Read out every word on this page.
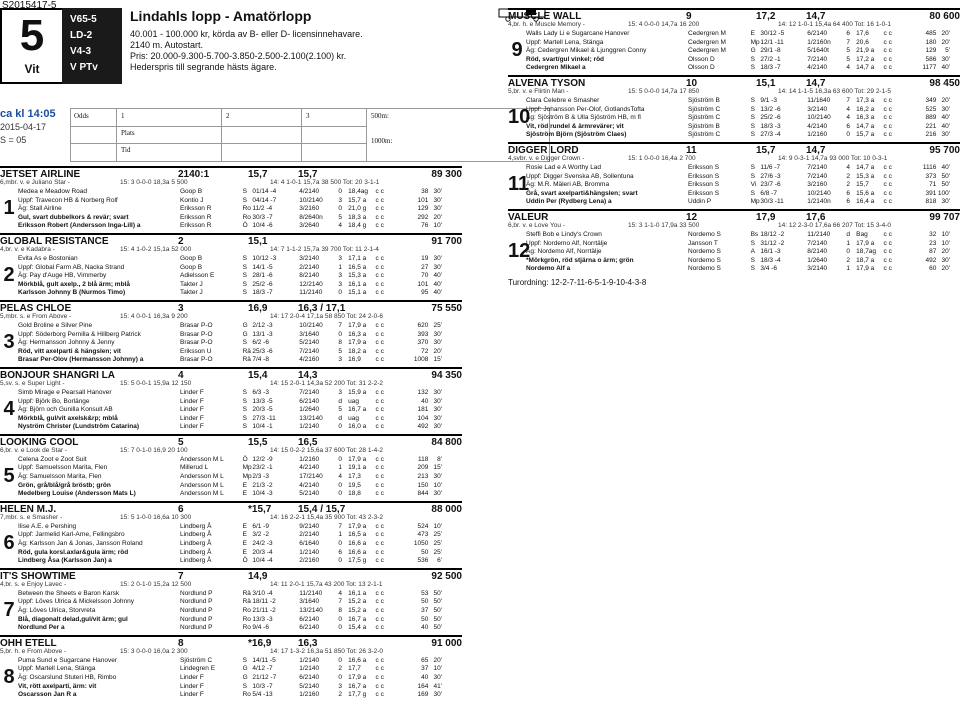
S2015417-5
5
Vit
V65-5
LD-2
V4-3
V PTv
Lindahls lopp - Amatörlopp
40.001 - 100.000 kr, körda av B- eller D- licensinnehavare.
2140 m. Autostart.
Pris: 20.000-9.300-5.700-3.850-2.500-2.100(2.100) kr.
Hederspris till segrande hästs ägare.
ca kl 14:05
2015-04-17
S = 05
Odds	1	2	3
Plats
Tid
500m:
1000m:
JETSET AIRLINE	2140:1	15,7	15,7	89 300
6,mbr. v. e Juliano Star -	15: 3 0-0-0 18,3a 5 500	14: 4 1-0-1 15,7a 38 500 Tot: 20 3-1-1
1
Medea e Meadow Road	Goop B	S 01/14 -4	4/2140	0 18,4ag	c c	38 30'
Uppf: Travecon HB & Norberg Rolf	Kontio J	S 04/14 -7	10/2140	3 15,7 a	c c	101 30'
Äg: Stall Airline	Eriksson R	Ro 11/2 -4	3/2160	0 21,0 g	c c	129 30'
Gul, svart dubbelkors & revär; svart	Eriksson R	Ro 30/3 -7	8/2640n	5 18,3 a	c c	292 20'
Eriksson Robert (Andersson Inga-Lill) a	Eriksson R	Ö 10/4 -6	3/2640	4 18,4 g	c c	76 10'
GLOBAL RESISTANCE	2	15,1	91 700
4,br. v. e Kadabra -	15: 4 1-0-2 15,1a 52 000	14: 7 1-1-2 15,7a 39 700 Tot: 11 2-1-4
2
Evita As e Bostonian	Goop B	S 10/12 -3	3/2140	3 17,1 a	c c	19 30'
Uppf: Global Farm AB, Nacka Strand	Goop B	S 14/1 -5	2/2140	1 16,5 a	c c	27 30'
Äg: Pay d'Auge HB, Vimmerby	Adielsson E	S 28/1 -6	8/2140	3 15,3 a	c c	70 40'
Mörkblå, gult axelp., 2 blå ärm; mblå	Takter J	S 25/2 -6	12/2140	3 16,1 a	c c	101 40'
Karlsson Johnny B (Nurmos Timo)	Takter J	S 18/3 -7	11/2140	0 15,1 a	c c	95 40'
PELAS CHLOE	3	16,9	16,3 / 17,1	75 550
5,mbr. s. e From Above -	15: 4 0-0-1 16,3a 9 200	14: 17 2-0-4 17,1a 58 850 Tot: 24 2-0-6
3
Gold Broline e Silver Pine	Brasar P-O	G 2/12 -3	10/2140	7 17,9 a	c c	620 25'
Uppf: Söderborg Pernilla & Hillberg Patrick	Brasar P-O	G 13/1 -3	3/1640	0 16,3 a	c c	393 30'
Äg: Hermansson Johnny & Jenny	Brasar P-O	S 6/2 -6	5/2140	8 17,9 a	c c	370 30'
Röd, vitt axelparti & hängslen; vit	Eriksson U	Rä 25/3 -6	7/2140	5 18,2 a	c c	72 20'
Brasar Per-Olov (Hermansson Johnny) a	Brasar P-O	Rä 7/4 -8	4/2160	3 16,9	c c	1008 15'
BONJOUR SHANGRI LA	4	15,4	14,3	94 350
5,sv. s. e Super Light -	15: 5 0-0-1 15,9a 12 150	14: 15 2-0-1 14,3a 52 200 Tot: 31 2-2-2
4
Simb Mirage e Pearsall Hanover	Linder F	S 6/3 -3	7/2140	3 15,9 a	c c	132 30'
Uppf: Björk Bo, Borlänge	Linder F	S 13/3 -5	6/2140	d uag	c c	40 30'
Äg: Björn och Gunilla Konsult AB	Linder F	S 20/3 -5	1/2640	5 16,7 a	c c	181 30'
Mörkblå, gul/vit axelsk&rp; mblå	Linder F	S 27/3 -11	13/2140	d uag	c c	104 30'
Nyström Christer (Lundström Catarina)	Linder F	S 10/4 -1	1/2140	0 16,0 a	c c	492 30'
LOOKING COOL	5	15,5	16,5	84 800
6,br. v. e Look de Star -	15: 7 0-1-0 16,9 20 100	14: 15 0-2-2 15,6a 37 600 Tot: 28 1-4-2
5
Celena Zoot e Zoot Suit	Andersson M L	Ö 12/2 -9	1/2160	0 17,9 a	c c	118	8'
Uppf: Samuelsson Marita, Flen	Millerud L	Mp 23/2 -1	4/2140	1 19,1 a	c c	209 15'
Äg: Samuelsson Marita, Flen	Andersson M L	Mp 2/3 -3	17/2140	4 17,3	c c	213 30'
Grön, grå/blå/grå bröstb; grön	Andersson M L	E 21/3 -2	4/2140	0 19,5	c c	150 10'
Medelberg Louise (Andersson Mats L)	Andersson M L	E 10/4 -3	5/2140	0 18,8	c c	844 30'
HELEN M.J.	6	*15,7	15,4 / 15,7	88 000
7,mbr. s. e Smasher -	15: 5 1-0-0 16,6a 10 300	14: 16 2-2-1 15,4a 35 900 Tot: 43 2-3-2
6
Ilise A.E. e Pershing	Lindberg Å	E 6/1 -9	9/2140	7 17,9 a	c c	524 10'
Uppf: Jarmelid Karl-Arne, Fellingsbro	Lindberg Å	E 3/2 -2	2/2140	1 16,5 a	c c	473 25'
Äg: Karlsson Jan & Jonas, Jansson Roland	Lindberg Å	E 24/2 -3	6/1640	0 16,6 a	c c	1050 25'
Röd, gula korsl.axlar&gula ärm; röd	Lindberg Å	E 20/3 -4	1/2140	6 16,6 a	c c	50 25'
Lindberg Åsa (Karlsson Jan) a	Lindberg Å	Ö 10/4 -4	2/2160	0 17,5 g	c c	536	6'
IT'S SHOWTIME	7	14,9	92 500
4,br. s. e Enjoy Lavec -	15: 2 0-1-0 15,2a 12 500	14: 11 2-0-1 15,7a 43 200 Tot: 13 2-1-1
7
Between the Sheets e Baron Karsk	Nordlund P	Rä 3/10 -4	11/2140	4 16,1 a	c c	53 50'
Uppf: Löves Ulrica & Mickelsson Johnny	Nordlund P	Rä 18/11 -2	3/1640	7 15,2 a	c c	50 50'
Äg: Löves Ulrica, Storvreta	Nordlund P	Ro 21/11 -2	13/2140	8 15,2 a	c c	37 50'
Blå, diagonalt delad,gul/vit ärm; gul	Nordlund P	Ro 13/3 -3	6/2140	0 16,7 a	c c	50 50'
Nordlund Per a	Nordlund P	Ro 9/4 -6	6/2140	0 15,4 a	c c	40 50'
OHH ETELL	8	*16,9	16,3	91 000
5,br. h. e From Above -	15: 3 0-0-0 16,0a 2 300	14: 17 1-3-2 16,3a 51 850 Tot: 26 3-2-0
8
Puma Sund e Sugarcane Hanover	Sjöström C	S 14/11 -5	1/2140	0 16,6 a	c c	65 20'
Uppf: Martell Lena, Stänga	Lindegren E	G 4/12 -7	1/2140	2 17,7	c c	37 10'
Äg: Oscarslund Stuteri HB, Rimbo	Linder F	G 21/12 -7	6/2140	0 17,9 a	c c	40 30'
Vit, rött axelparti, ärm: vit	Linder F	S 10/3 -7	5/2140	3 16,7 a	c c	164 41'
Oscarsson Jan R a	Linder F	Ro 5/4 -13	1/2160	2 17,7 g	c c	169 30'
MUSCLE WALL	9	17,2	14,7	80 600
4,br. h. e Muscle Memory -	15: 4 0-0-0 14,7a 16 200	14: 12 1-0-1 15,4a 64 400 Tot: 16 1-0-1
9
Walls Lady Li e Sugarcane Hanover	Cedergren M	E 30/12 -5	6/2140	6 17,6	c c	485 20'
Uppf: Martell Lena, Stänga	Cedergren M	Mp 12/1 -11	1/2160n	7 20,6	c c	180 20'
Äg: Cedergren Mikael & Ljunggren Conny	Cedergren M	G 29/1 -8	5/1640t	5 21,9 a	c c	129	5'
Röd, svart/gul vinkel; röd	Olsson D	S 27/2 -1	7/2140	5 17,2 a	c c	586 30'
Cedergren Mikael a	Olsson D	S 18/3 -7	4/2140	4 14,7 a	c c	1177 40'
ALVENA TYSON	10	15,1	14,7	98 450
5,br. v. e Flirtin Man -	15: 5 0-0-0 14,7a 17 850	14: 14 1-1-5 16,3a 63 600 Tot: 29 2-1-5
10
Clara Celebre e Smasher	Sjöström B	S 9/1 -3	11/1640	7 17,3 a	c c	349 20'
Uppf: Johansson Per-Olof, GotlandsTofta	Sjöström C	S 13/2 -6	3/2140	4 16,2 a	c c	525 30'
Äg: Sjöström B & Ulla Sjöström HB, m fl	Sjöström C	S 25/2 -6	10/2140	4 16,3 a	c c	889 40'
Vit, röd rundel & ärmrevärer; vit	Sjöström B	S 18/3 -3	4/2140	6 14,7 a	c c	221 40'
Sjöström Björn (Sjöström Claes)	Sjöström C	S 27/3 -4	1/2160	0 15,7 a	c c	216 30'
DIGGER LORD	11	15,7	14,7	95 700
4,svbr. v. e Digger Crown -	15: 1 0-0-0 16,4a 2 700	14: 9 0-3-1 14,7a 93 000 Tot: 10 0-3-1
11
Rosie Lad e A Worthy Lad	Eriksson S	S 11/6 -7	7/2140	4 14,7 a	c c	1116 40'
Uppf: Digger Svenska AB, Sollentuna	Eriksson S	S 27/6 -3	7/2140	2 15,3 a	c c	373 50'
Äg: M.R. Mäleri AB, Bromma	Eriksson S	Vi 23/7 -6	3/2160	2 15,7	c c	71 50'
Grå, svart axelparti&hängslen; svart	Eriksson S	S 6/8 -7	10/2140	6 15,6 a	c c	391 100'
Uddin Per (Rydberg Lena) a	Uddin P	Mp 30/3 -11	1/2140n	6 16,4 a	c c	818 30'
VALEUR	12	17,9	17,6	99 707
6,br. v. e Love You -	15: 3 1-1-0 17,9a 33 500	14: 12 2-3-0 17,6a 66 207 Tot: 15 3-4-0
12
Steffi Bob e Lindy's Crown	Nordemo S	Bs 18/12 -2	11/2140	d Bag	c c	32 10'
Uppf: Nordemo Alf, Norrtälje	Jansson T	S 31/12 -2	7/2140	1 17,9 a	c c	23 10'
Äg: Nordemo Alf, Norrtälje	Nordemo S	A 16/1 -3	8/2140	0 18,7ag	c c	87 20'
*Mörkgrön, röd stjärna o ärm; grön	Nordemo S	S 18/3 -4	1/2640	2 18,7 a	c c	492 30'
Nordemo Alf a	Nordemo S	S 3/4 -6	3/2140	1 17,9 a	c c	60 20'
Turordning: 12-2-7-11-6-5-1-9-10-4-3-8
